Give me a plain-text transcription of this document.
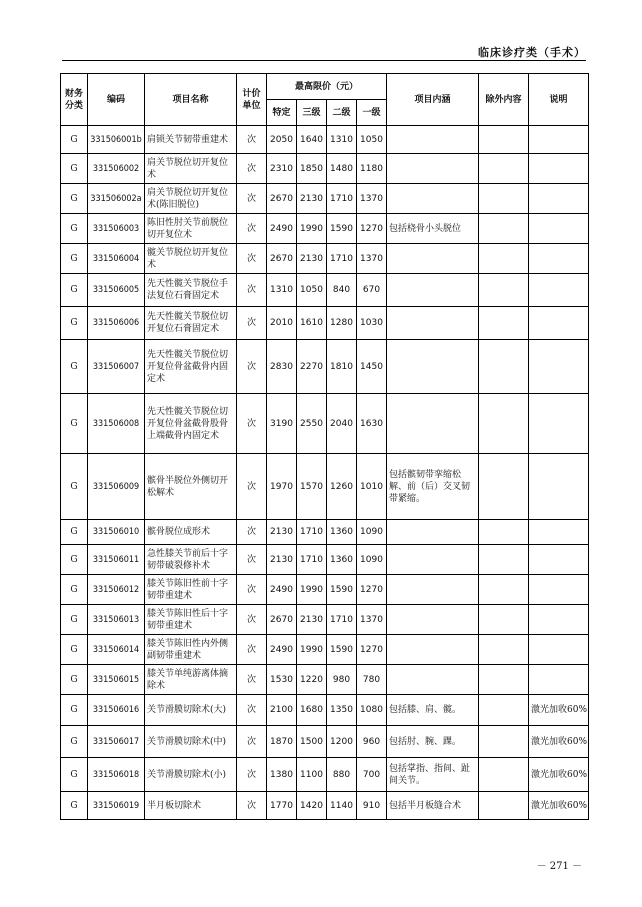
临床诊疗类（手术）
财务分类	编码	项目名称	计价单位	最高限价（元）				项目内涵	除外内容	说明
				特定	三级	二级	一级			
G	331506001b	肩锁关节韧带重建术	次	2050	1640	1310	1050			
G	331506002	肩关节脱位切开复位术	次	2310	1850	1480	1180			
G	331506002a	肩关节脱位切开复位术(陈旧脱位)	次	2670	2130	1710	1370			
G	331506003	陈旧性肘关节前脱位切开复位术	次	2490	1990	1590	1270	包括桡骨小头脱位		
G	331506004	髋关节脱位切开复位术	次	2670	2130	1710	1370			
G	331506005	先天性髋关节脱位手法复位石膏固定术	次	1310	1050	840	670			
G	331506006	先天性髋关节脱位切开复位石膏固定术	次	2010	1610	1280	1030			
G	331506007	先天性髋关节脱位切开复位骨盆截骨内固定术	次	2830	2270	1810	1450			
G	331506008	先天性髋关节脱位切开复位骨盆截骨股骨上端截骨内固定术	次	3190	2550	2040	1630			
G	331506009	髌骨半脱位外侧切开松解术	次	1970	1570	1260	1010	包括髌韧带挛缩松解、前（后）交叉韧带紧缩。		
G	331506010	髌骨脱位成形术	次	2130	1710	1360	1090			
G	331506011	急性膝关节前后十字韧带破裂修补术	次	2130	1710	1360	1090			
G	331506012	膝关节陈旧性前十字韧带重建术	次	2490	1990	1590	1270			
G	331506013	膝关节陈旧性后十字韧带重建术	次	2670	2130	1710	1370			
G	331506014	膝关节陈旧性内外侧副韧带重建术	次	2490	1990	1590	1270			
G	331506015	膝关节单纯游离体摘除术	次	1530	1220	980	780			
G	331506016	关节滑膜切除术(大)	次	2100	1680	1350	1080	包括膝、肩、髋。		激光加收60%
G	331506017	关节滑膜切除术(中)	次	1870	1500	1200	960	包括肘、腕、踝。		激光加收60%
G	331506018	关节滑膜切除术(小)	次	1380	1100	880	700	包括掌指、指间、趾间关节。		激光加收60%
G	331506019	半月板切除术	次	1770	1420	1140	910	包括半月板缝合术		激光加收60%
－ 271 －
